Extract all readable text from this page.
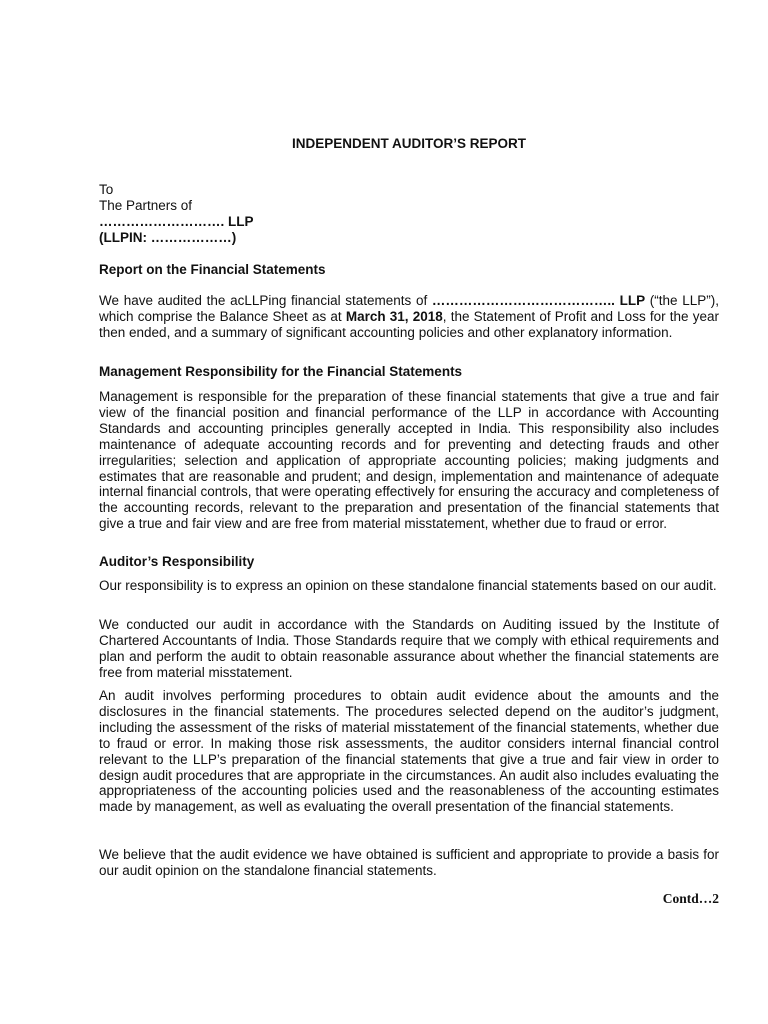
INDEPENDENT AUDITOR’S REPORT
To
The Partners of
………………………. LLP
(LLPIN: ………………)
Report on the Financial Statements

We have audited the acLLPing financial statements of ………………………………….. LLP (“the LLP”), which comprise the Balance Sheet as at March 31, 2018, the Statement of Profit and Loss for the year then ended, and a summary of significant accounting policies and other explanatory information.

Management Responsibility for the Financial Statements

Management is responsible for the preparation of these financial statements that give a true and fair view of the financial position and financial performance of the LLP in accordance with Accounting Standards and accounting principles generally accepted in India. This responsibility also includes maintenance of adequate accounting records and for preventing and detecting frauds and other irregularities; selection and application of appropriate accounting policies; making judgments and estimates that are reasonable and prudent; and design, implementation and maintenance of adequate internal financial controls, that were operating effectively for ensuring the accuracy and completeness of the accounting records, relevant to the preparation and presentation of the financial statements that give a true and fair view and are free from material misstatement, whether due to fraud or error.

Auditor’s Responsibility

Our responsibility is to express an opinion on these standalone financial statements based on our audit.

We conducted our audit in accordance with the Standards on Auditing issued by the Institute of Chartered Accountants of India. Those Standards require that we comply with ethical requirements and plan and perform the audit to obtain reasonable assurance about whether the financial statements are free from material misstatement.

An audit involves performing procedures to obtain audit evidence about the amounts and the disclosures in the financial statements. The procedures selected depend on the auditor’s judgment, including the assessment of the risks of material misstatement of the financial statements, whether due to fraud or error. In making those risk assessments, the auditor considers internal financial control relevant to the LLP’s preparation of the financial statements that give a true and fair view in order to design audit procedures that are appropriate in the circumstances. An audit also includes evaluating the appropriateness of the accounting policies used and the reasonableness of the accounting estimates made by management, as well as evaluating the overall presentation of the financial statements.

We believe that the audit evidence we have obtained is sufficient and appropriate to provide a basis for our audit opinion on the standalone financial statements.

Contd…2
